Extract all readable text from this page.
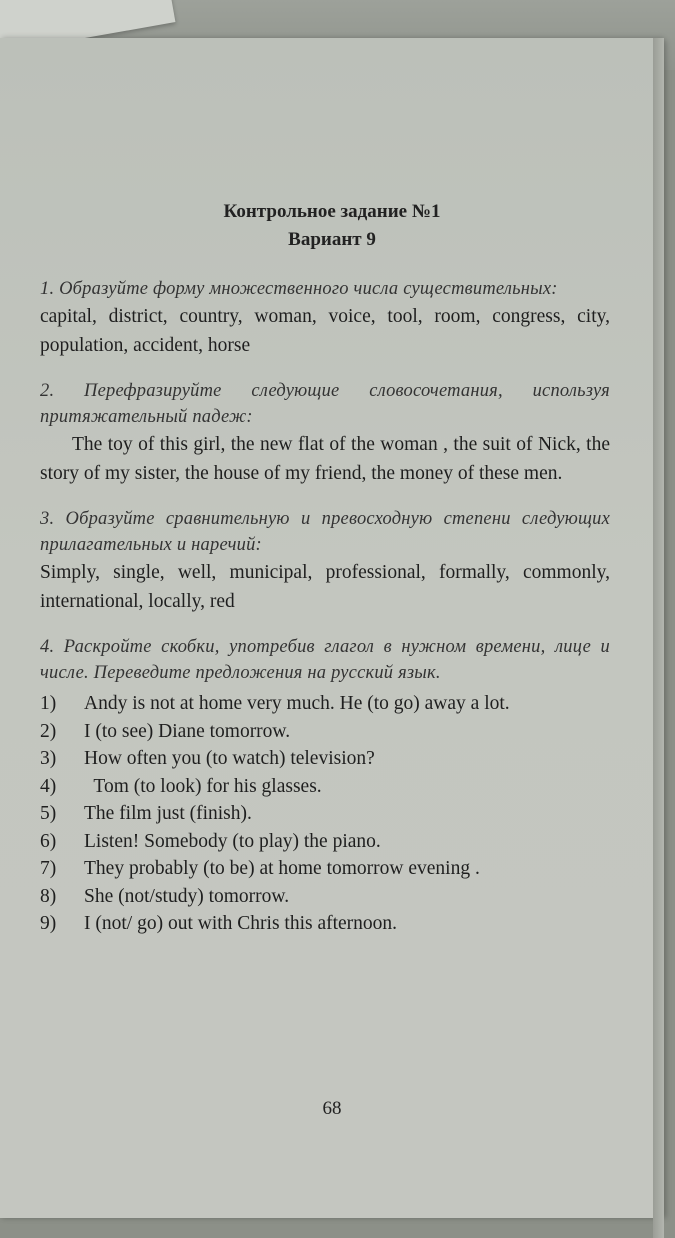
Контрольное задание №1
Вариант 9

1. Образуйте форму множественного числа существительных:

capital, district, country, woman, voice, tool, room, congress, city, population, accident, horse

2. Перефразируйте следующие словосочетания, используя притяжательный падеж:

The toy of this girl, the new flat of the woman , the suit of Nick, the story of my sister, the house of my friend, the money of these men.

3. Образуйте сравнительную и превосходную степени следующих прилагательных и наречий:

Simply, single, well, municipal, professional, formally, commonly, international, locally, red

4. Раскройте скобки, употребив глагол в нужном времени, лице и числе. Переведите предложения на русский язык.

1)	Andy is not at home very much. He (to go) away a lot.
2)	I (to see) Diane tomorrow.
3)	How often you (to watch) television?
4)	Tom (to look) for his glasses.
5)	The film just (finish).
6)	Listen! Somebody (to play) the piano.
7)	They probably (to be) at home tomorrow evening .
8)	She (not/study) tomorrow.
9)	I (not/ go) out with Chris this afternoon.
68
